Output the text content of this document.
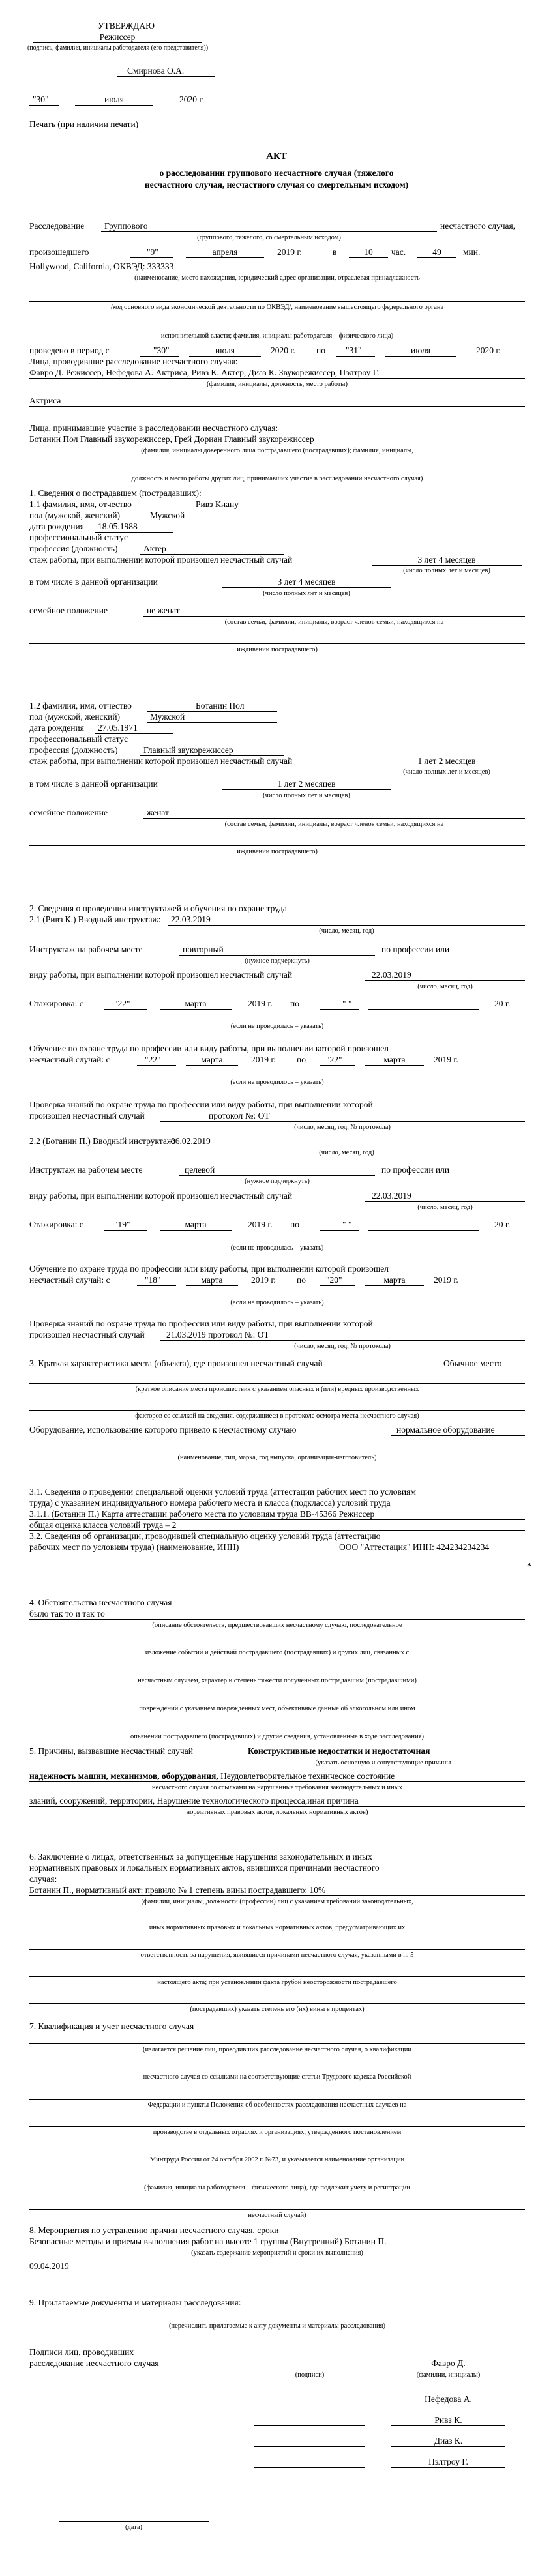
УТВЕРЖДАЮ
Режиссер
(подпись, фамилия, инициалы работодателя (его представителя))
Смирнова О.А.
"30"	июля	2020 г
Печать (при наличии печати)
АКТ
о расследовании группового несчастного случая (тяжелого
несчастного случая, несчастного случая со смертельным исходом)
Расследование Группового	несчастного случая,
(группового, тяжелого, со смертельным исходом)
произошедшего	"9"	апреля	2019 г.	в	10	час.	49	мин.
Hollywood, California, ОКВЭД: 333333
(наименование, место нахождения, юридический адрес организации, отраслевая принадлежность
/код основного вида экономической деятельности по ОКВЭД/, наименование вышестоящего федерального органа
исполнительной власти; фамилия, инициалы работодателя – физического лица)
проведено в период с	"30"	июля	2020 г. по "31"	июля	2020 г.
Лица, проводившие расследование несчастного случая:
Фавро Д. Режиссер, Нефедова А. Актриса, Ривз К. Актер, Диаз К. Звукорежиссер, Пэлтроу Г.
(фамилия, инициалы, должность, место работы)
Актриса
Лица, принимавшие участие в расследовании несчастного случая:
Ботанин Пол Главный звукорежиссер, Грей Дориан Главный звукорежиссер
(фамилия, инициалы доверенного лица пострадавшего (пострадавших); фамилия, инициалы,
должность и место работы других лиц, принимавших участие в расследовании несчастного случая)
1. Сведения о пострадавшем (пострадавших):
1.1 фамилия, имя, отчество	Ривз Киану
пол (мужской, женский)	Мужской
дата рождения 18.05.1988
профессиональный статус
профессия (должность)	Актер
стаж работы, при выполнении которой произошел несчастный случай	3 лет 4 месяцев
(число полных лет и месяцев)
в том числе в данной организации	3 лет 4 месяцев
(число полных лет и месяцев)
семейное положение	не женат
(состав семьи, фамилии, инициалы, возраст членов семьи, находящихся на
иждивении пострадавшего)
1.2 фамилия, имя, отчество	Ботанин Пол
пол (мужской, женский)	Мужской
дата рождения 27.05.1971
профессиональный статус
профессия (должность)	Главный звукорежиссер
стаж работы, при выполнении которой произошел несчастный случай	1 лет 2 месяцев
(число полных лет и месяцев)
в том числе в данной организации	1 лет 2 месяцев
(число полных лет и месяцев)
семейное положение	женат
(состав семьи, фамилии, инициалы, возраст членов семьи, находящихся на
иждивении пострадавшего)
2. Сведения о проведении инструктажей и обучения по охране труда
2.1 (Ривз К.) Вводный инструктаж: 22.03.2019
(число, месяц, год)
Инструктаж на рабочем месте	повторный	по профессии или
(нужное подчеркнуть)
виду работы, при выполнении которой произошел несчастный случай	22.03.2019
(число, месяц, год)
Стажировка: с	"22"	марта	2019 г. по	" "	20 г.
(если не проводилась – указать)
Обучение по охране труда по профессии или виду работы, при выполнении которой произошел
несчастный случай: с	"22"	марта	2019 г. по "22"	марта	2019 г.
(если не проводилось – указать)
Проверка знаний по охране труда по профессии или виду работы, при выполнении которой
произошел несчастный случай	протокол №: ОТ
(число, месяц, год, № протокола)
2.2 (Ботанин П.) Вводный инструктаж:
06.02.2019
(число, месяц, год)
Инструктаж на рабочем месте	целевой	по профессии или
(нужное подчеркнуть)
виду работы, при выполнении которой произошел несчастный случай	22.03.2019
(число, месяц, год)
Стажировка: с	"19"	марта	2019 г. по	" "	20 г.
(если не проводилась – указать)
Обучение по охране труда по профессии или виду работы, при выполнении которой произошел
несчастный случай: с	"18"	марта	2019 г. по "20"	марта	2019 г.
(если не проводилось – указать)
Проверка знаний по охране труда по профессии или виду работы, при выполнении которой
произошел несчастный случай 21.03.2019 протокол №: ОТ
(число, месяц, год, № протокола)
3. Краткая характеристика места (объекта), где произошел несчастный случай	Обычное место
(краткое описание места происшествия с указанием опасных и (или) вредных производственных
факторов со ссылкой на сведения, содержащиеся в протоколе осмотра места несчастного случая)
Оборудование, использование которого привело к несчастному случаю	нормальное оборудование
(наименование, тип, марка, год выпуска, организация-изготовитель)
3.1. Сведения о проведении специальной оценки условий труда (аттестации рабочих мест по условиям
труда) с указанием индивидуального номера рабочего места и класса (подкласса) условий труда
3.1.1. (Ботанин П.) Карта аттестации рабочего места по условиям труда ВВ-45366 Режиссер
общая оценка класса условий труда – 2
3.2. Сведения об организации, проводившей специальную оценку условий труда (аттестацию
рабочих мест по условиям труда) (наименование, ИНН)	ООО "Аттестация" ИНН: 424234234234
*
4. Обстоятельства несчастного случая
было так то и так то
(описание обстоятельств, предшествовавших несчастному случаю, последовательное
изложение событий и действий пострадавшего (пострадавших) и других лиц, связанных с
несчастным случаем, характер и степень тяжести полученных пострадавшим (пострадавшими)
повреждений с указанием поврежденных мест, объективные данные об алкогольном или ином
опьянении пострадавшего (пострадавших) и другие сведения, установленные в ходе расследования)
5. Причины, вызвавшие несчастный случай	Конструктивные недостатки и недостаточная
(указать основную и сопутствующие причины
надежность машин, механизмов, оборудования, Неудовлетворительное техническое состояние
несчастного случая со ссылками на нарушенные требования законодательных и иных
зданий, сооружений, территории, Нарушение технологического процесса,иная причина
нормативных правовых актов, локальных нормативных актов)
6. Заключение о лицах, ответственных за допущенные нарушения законодательных и иных
нормативных правовых и локальных нормативных актов, явившихся причинами несчастного
случая:
Ботанин П., нормативный акт: правило № 1 степень вины пострадавшего: 10%
(фамилии, инициалы, должности (профессии) лиц с указанием требований законодательных,
иных нормативных правовых и локальных нормативных актов, предусматривающих их
ответственность за нарушения, явившиеся причинами несчастного случая, указанными в п. 5
настоящего акта; при установлении факта грубой неосторожности пострадавшего
(пострадавших) указать степень его (их) вины в процентах)
7. Квалификация и учет несчастного случая
(излагается решение лиц, проводивших расследование несчастного случая, о квалификации
несчастного случая со ссылками на соответствующие статьи Трудового кодекса Российской
Федерации и пункты Положения об особенностях расследования несчастных случаев на
производстве в отдельных отраслях и организациях, утвержденного постановлением
Минтруда России от 24 октября 2002 г. №73, и указывается наименование организации
(фамилия, инициалы работодателя – физического лица), где подлежит учету и регистрации
несчастный случай)
8. Мероприятия по устранению причин несчастного случая, сроки
Безопасные методы и приемы выполнения работ на высоте 1 группы (Внутренний) Ботанин П.
(указать содержание мероприятий и сроки их выполнения)
09.04.2019
9. Прилагаемые документы и материалы расследования:
(перечислить прилагаемые к акту документы и материалы расследования)
Подписи лиц, проводивших
расследование несчастного случая	Фавро Д.
(подписи)	(фамилии, инициалы)
Нефедова А.
Ривз К.
Диаз К.
Пэлтроу Г.
(дата)
